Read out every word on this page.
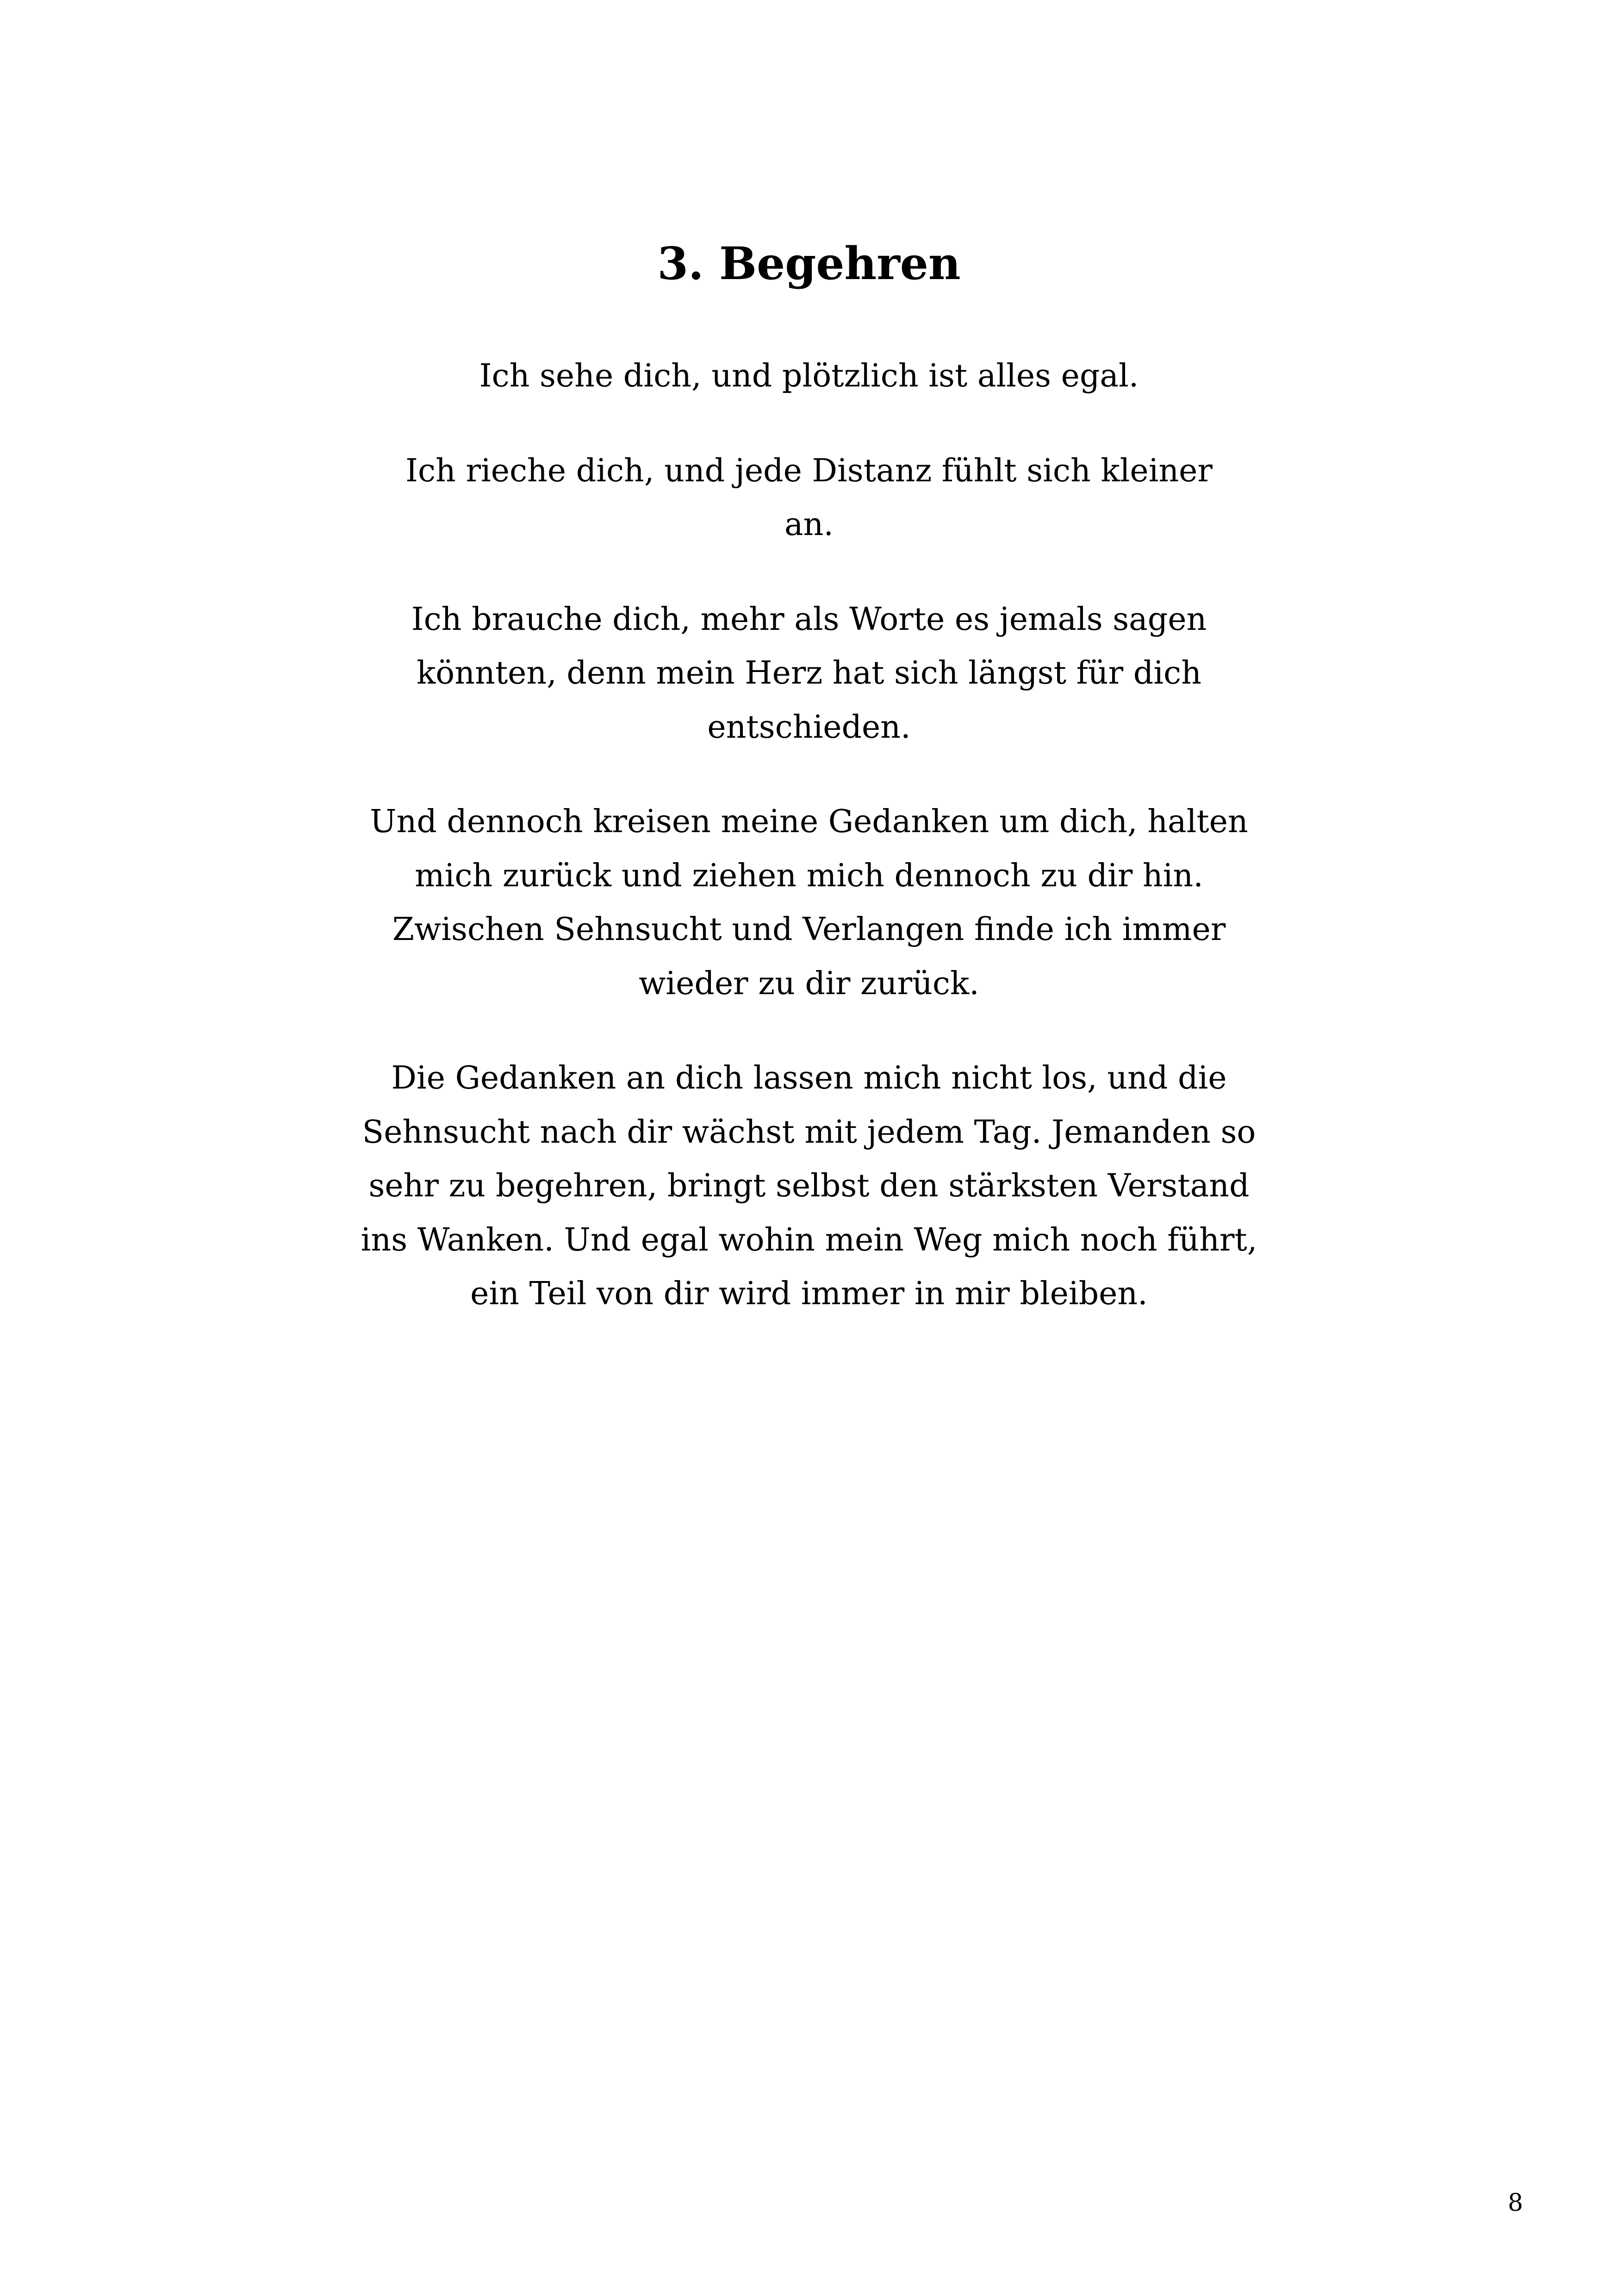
3. Begehren

Ich sehe dich, und plötzlich ist alles egal.

Ich rieche dich, und jede Distanz fühlt sich kleiner an.

Ich brauche dich, mehr als Worte es jemals sagen könnten, denn mein Herz hat sich längst für dich entschieden.

Und dennoch kreisen meine Gedanken um dich, halten mich zurück und ziehen mich dennoch zu dir hin. Zwischen Sehnsucht und Verlangen finde ich immer wieder zu dir zurück.

Die Gedanken an dich lassen mich nicht los, und die Sehnsucht nach dir wächst mit jedem Tag. Jemanden so sehr zu begehren, bringt selbst den stärksten Verstand ins Wanken. Und egal wohin mein Weg mich noch führt, ein Teil von dir wird immer in mir bleiben.

8
